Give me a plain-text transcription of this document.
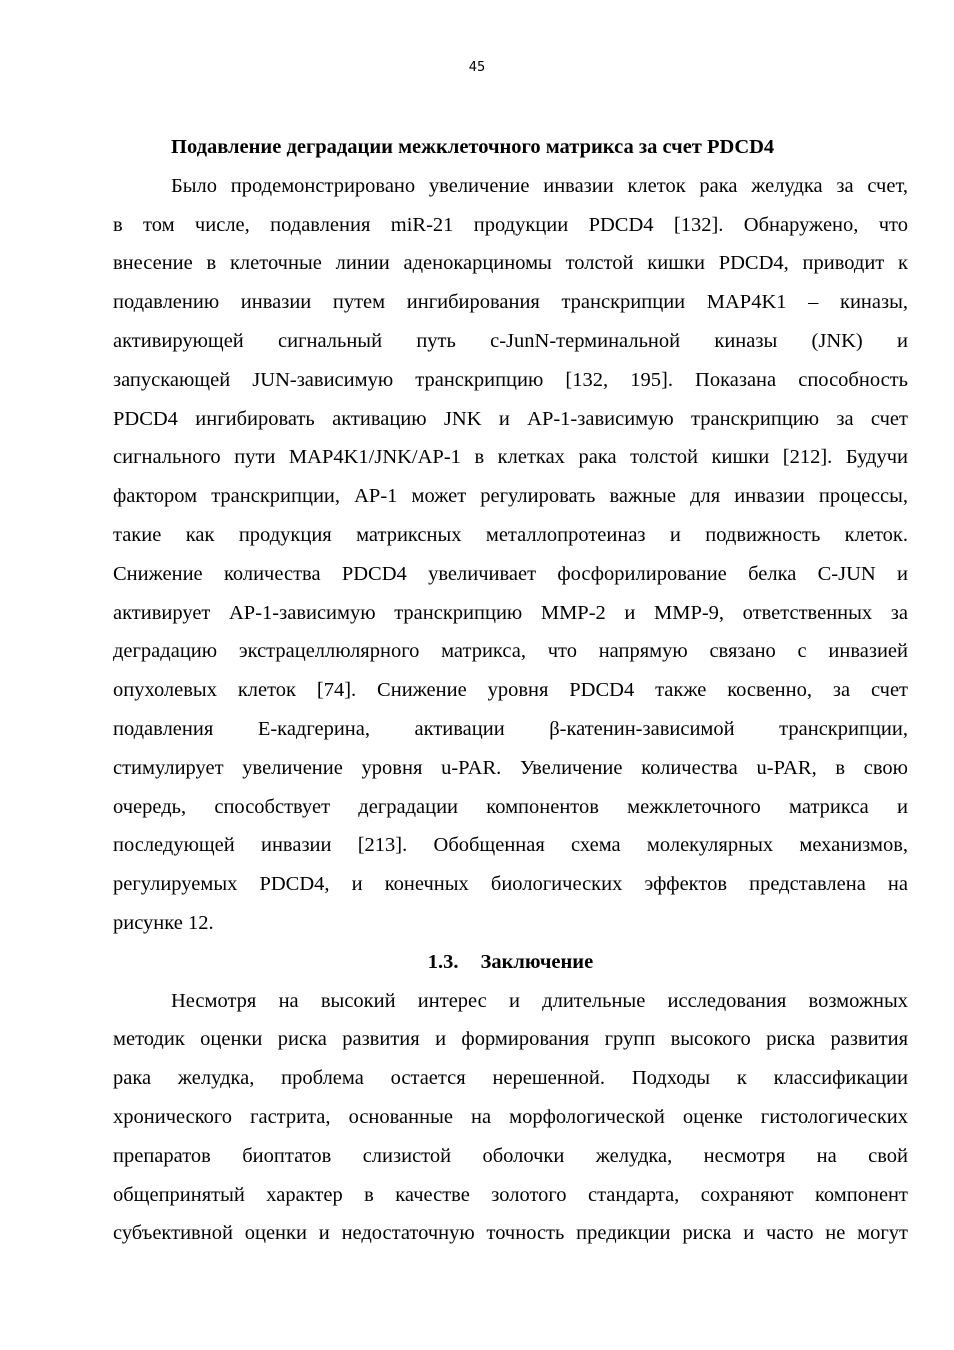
45
Подавление деградации межклеточного матрикса за счет PDCD4
Было продемонстрировано увеличение инвазии клеток рака желудка за счет,
в том числе, подавления miR-21 продукции PDCD4 [132]. Обнаружено, что
внесение в клеточные линии аденокарциномы толстой кишки PDCD4, приводит к
подавлению инвазии путем ингибирования транскрипции MAP4K1 – киназы,
активирующей сигнальный путь c-JunN-терминальной киназы (JNK) и
запускающей JUN-зависимую транскрипцию [132, 195]. Показана способность
PDCD4 ингибировать активацию JNK и AP-1-зависимую транскрипцию за счет
сигнального пути MAP4K1/JNK/AP-1 в клетках рака толстой кишки [212]. Будучи
фактором транскрипции, AP-1 может регулировать важные для инвазии процессы,
такие как продукция матриксных металлопротеиназ и подвижность клеток.
Снижение количества PDCD4 увеличивает фосфорилирование белка C-JUN и
активирует AP-1-зависимую транскрипцию MMP-2 и MMP-9, ответственных за
деградацию экстрацеллюлярного матрикса, что напрямую связано с инвазией
опухолевых клеток [74]. Снижение уровня PDCD4 также косвенно, за счет
подавления E-кадгерина, активации β-катенин-зависимой транскрипции,
стимулирует увеличение уровня u-PAR. Увеличение количества u-PAR, в свою
очередь, способствует деградации компонентов межклеточного матрикса и
последующей инвазии [213]. Обобщенная схема молекулярных механизмов,
регулируемых PDCD4, и конечных биологических эффектов представлена на
рисунке 12.
1.3. Заключение
Несмотря на высокий интерес и длительные исследования возможных
методик оценки риска развития и формирования групп высокого риска развития
рака желудка, проблема остается нерешенной. Подходы к классификации
хронического гастрита, основанные на морфологической оценке гистологических
препаратов биоптатов слизистой оболочки желудка, несмотря на свой
общепринятый характер в качестве золотого стандарта, сохраняют компонент
субъективной оценки и недостаточную точность предикции риска и часто не могут
